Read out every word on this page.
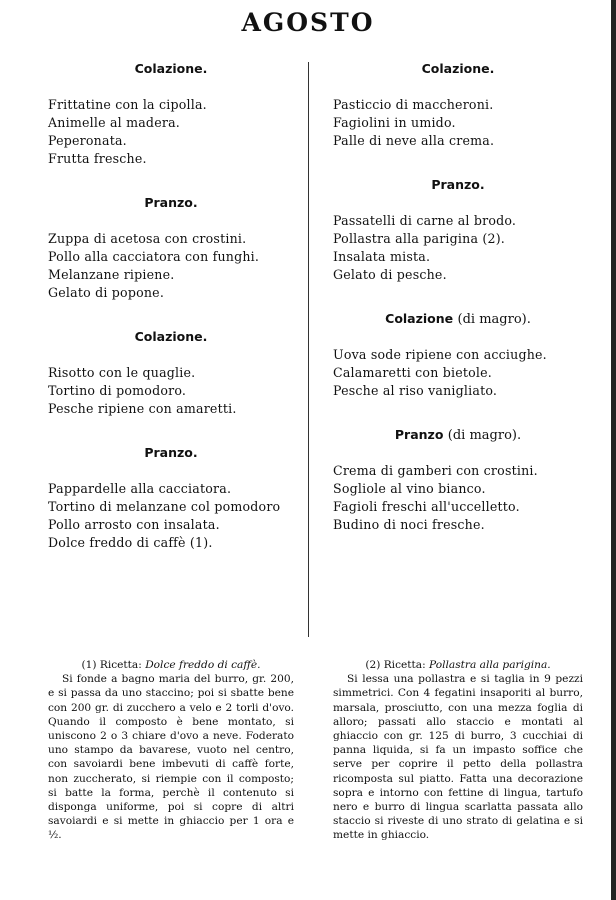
AGOSTO
Colazione.
Frittatine con la cipolla.
Animelle al madera.
Peperonata.
Frutta fresche.
Pranzo.
Zuppa di acetosa con crostini.
Pollo alla cacciatora con funghi.
Melanzane ripiene.
Gelato di popone.
Colazione.
Risotto con le quaglie.
Tortino di pomodoro.
Pesche ripiene con amaretti.
Pranzo.
Pappardelle alla cacciatora.
Tortino di melanzane col pomodoro
Pollo arrosto con insalata.
Dolce freddo di caffè (1).
Colazione.
Pasticcio di maccheroni.
Fagiolini in umido.
Palle di neve alla crema.
Pranzo.
Passatelli di carne al brodo.
Pollastra alla parigina (2).
Insalata mista.
Gelato di pesche.
Colazione (di magro).
Uova sode ripiene con acciughe.
Calamaretti con bietole.
Pesche al riso vanigliato.
Pranzo (di magro).
Crema di gamberi con crostini.
Sogliole al vino bianco.
Fagioli freschi all'uccelletto.
Budino di noci fresche.
(1) Ricetta: Dolce freddo di caffè.

Si fonde a bagno maria del burro, gr. 200, e si passa da uno staccino; poi si sbatte bene con 200 gr. di zucchero a velo e 2 torli d'ovo. Quando il composto è bene montato, si uniscono 2 o 3 chiare d'ovo a neve. Foderato uno stampo da bavarese, vuoto nel centro, con savoiardi bene imbevuti di caffè forte, non zuccherato, si riempie con il composto; si batte la forma, perchè il contenuto si disponga uniforme, poi si copre di altri savoiardi e si mette in ghiaccio per 1 ora e ½.

(2) Ricetta: Pollastra alla parigina.

Si lessa una pollastra e si taglia in 9 pezzi simmetrici. Con 4 fegatini insaporiti al burro, marsala, prosciutto, con una mezza foglia di alloro; passati allo staccio e montati al ghiaccio con gr. 125 di burro, 3 cucchiai di panna liquida, si fa un impasto soffice che serve per coprire il petto della pollastra ricomposta sul piatto. Fatta una decorazione sopra e intorno con fettine di lingua, tartufo nero e burro di lingua scarlatta passata allo staccio si riveste di uno strato di gelatina e si mette in ghiaccio.
